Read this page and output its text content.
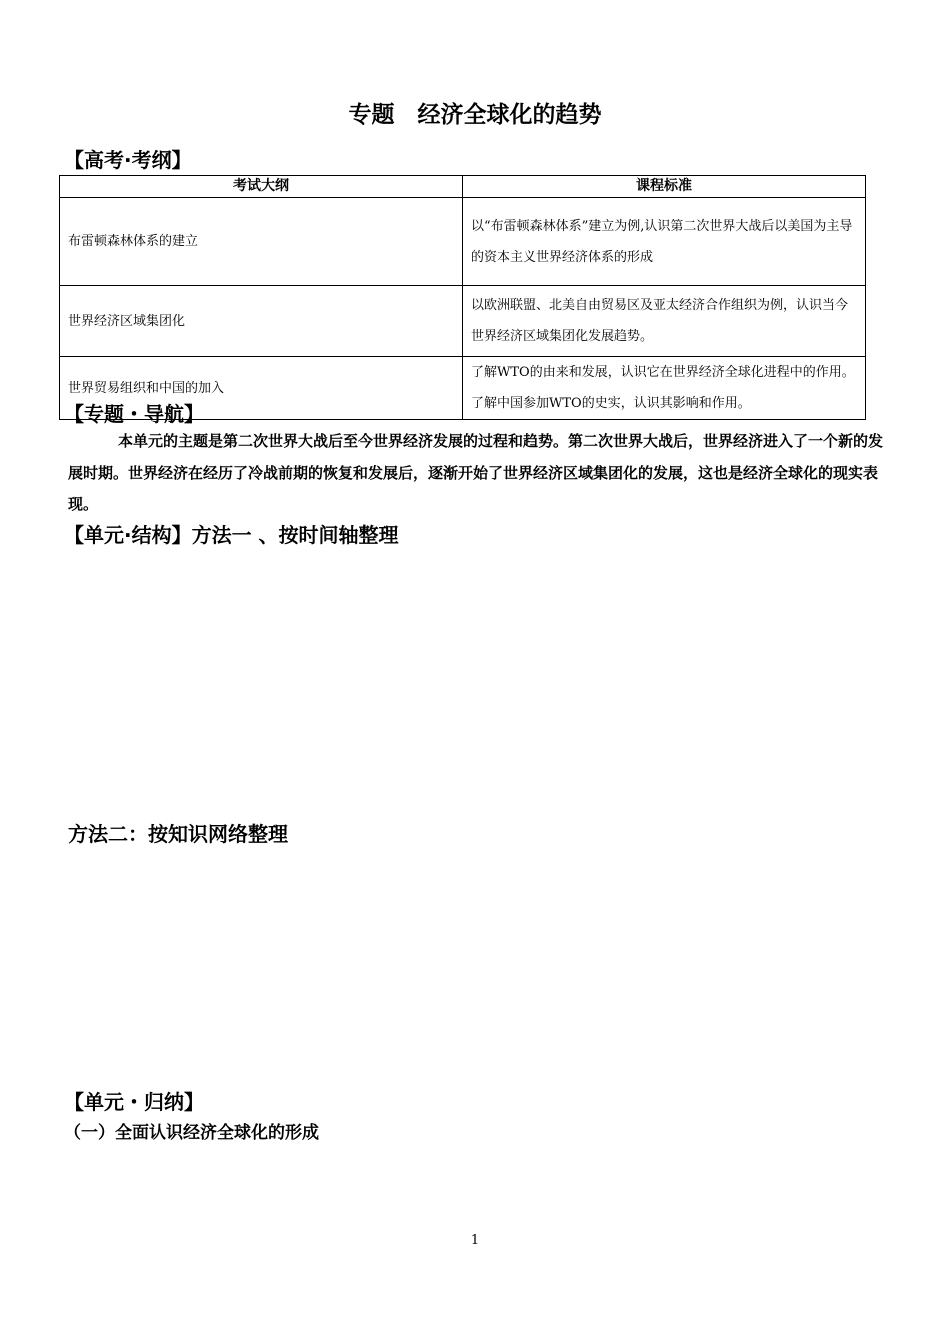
专题　经济全球化的趋势
【高考·考纲】
考试大纲	课程标准
布雷顿森林体系的建立	以“布雷顿森林体系”建立为例,认识第二次世界大战后以美国为主导的资本主义世界经济体系的形成
世界经济区域集团化	以欧洲联盟、北美自由贸易区及亚太经济合作组织为例，认识当今世界经济区域集团化发展趋势。
世界贸易组织和中国的加入	了解WTO的由来和发展，认识它在世界经济全球化进程中的作用。了解中国参加WTO的史实，认识其影响和作用。
【专题・导航】
本单元的主题是第二次世界大战后至今世界经济发展的过程和趋势。第二次世界大战后，世界经济进入了一个新的发展时期。世界经济在经历了冷战前期的恢复和发展后，逐渐开始了世界经济区域集团化的发展，这也是经济全球化的现实表现。
【单元·结构】方法一 、按时间轴整理
方法二：按知识网络整理
【单元・归纳】
（一）全面认识经济全球化的形成
1
